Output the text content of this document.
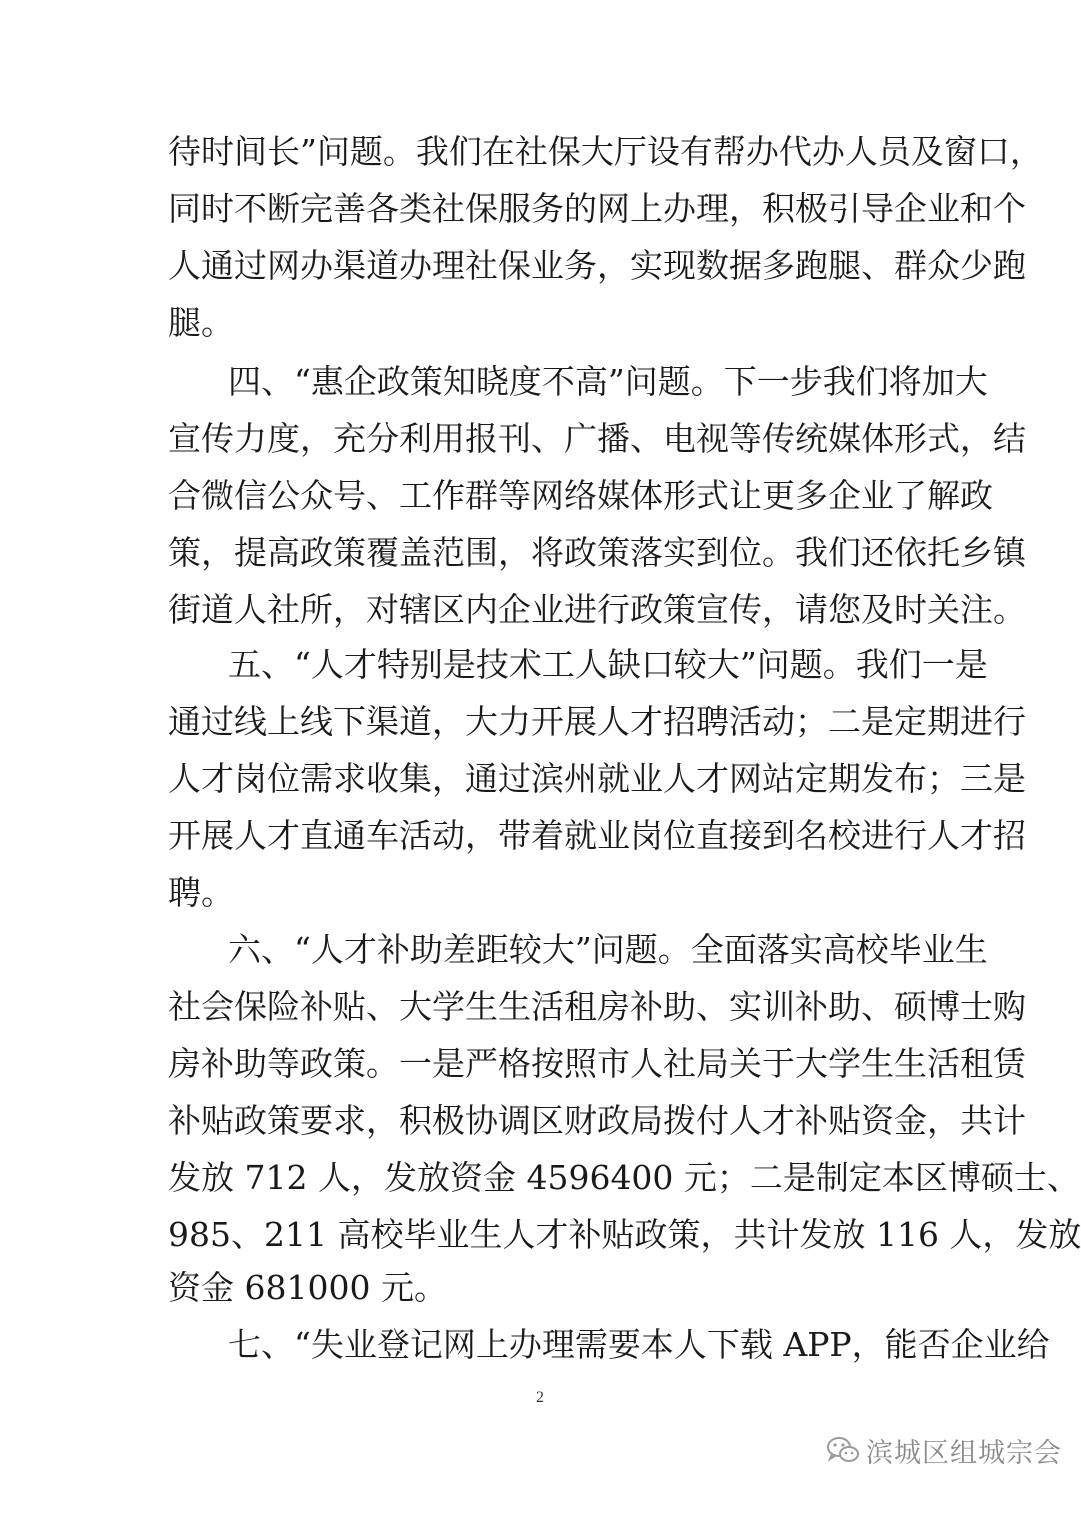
待时间长”问题。我们在社保大厅设有帮办代办人员及窗口，
同时不断完善各类社保服务的网上办理，积极引导企业和个
人通过网办渠道办理社保业务，实现数据多跑腿、群众少跑
腿。
四、“惠企政策知晓度不高”问题。下一步我们将加大
宣传力度，充分利用报刊、广播、电视等传统媒体形式，结
合微信公众号、工作群等网络媒体形式让更多企业了解政
策，提高政策覆盖范围，将政策落实到位。我们还依托乡镇
街道人社所，对辖区内企业进行政策宣传，请您及时关注。
五、“人才特别是技术工人缺口较大”问题。我们一是
通过线上线下渠道，大力开展人才招聘活动；二是定期进行
人才岗位需求收集，通过滨州就业人才网站定期发布；三是
开展人才直通车活动，带着就业岗位直接到名校进行人才招
聘。
六、“人才补助差距较大”问题。全面落实高校毕业生
社会保险补贴、大学生生活租房补助、实训补助、硕博士购
房补助等政策。一是严格按照市人社局关于大学生生活租赁
补贴政策要求，积极协调区财政局拨付人才补贴资金，共计
发放 712 人，发放资金 4596400 元；二是制定本区博硕士、
985、211 高校毕业生人才补贴政策，共计发放 116 人，发放
资金 681000 元。
七、“失业登记网上办理需要本人下载 APP，能否企业给
2
滨城区组城宗会
